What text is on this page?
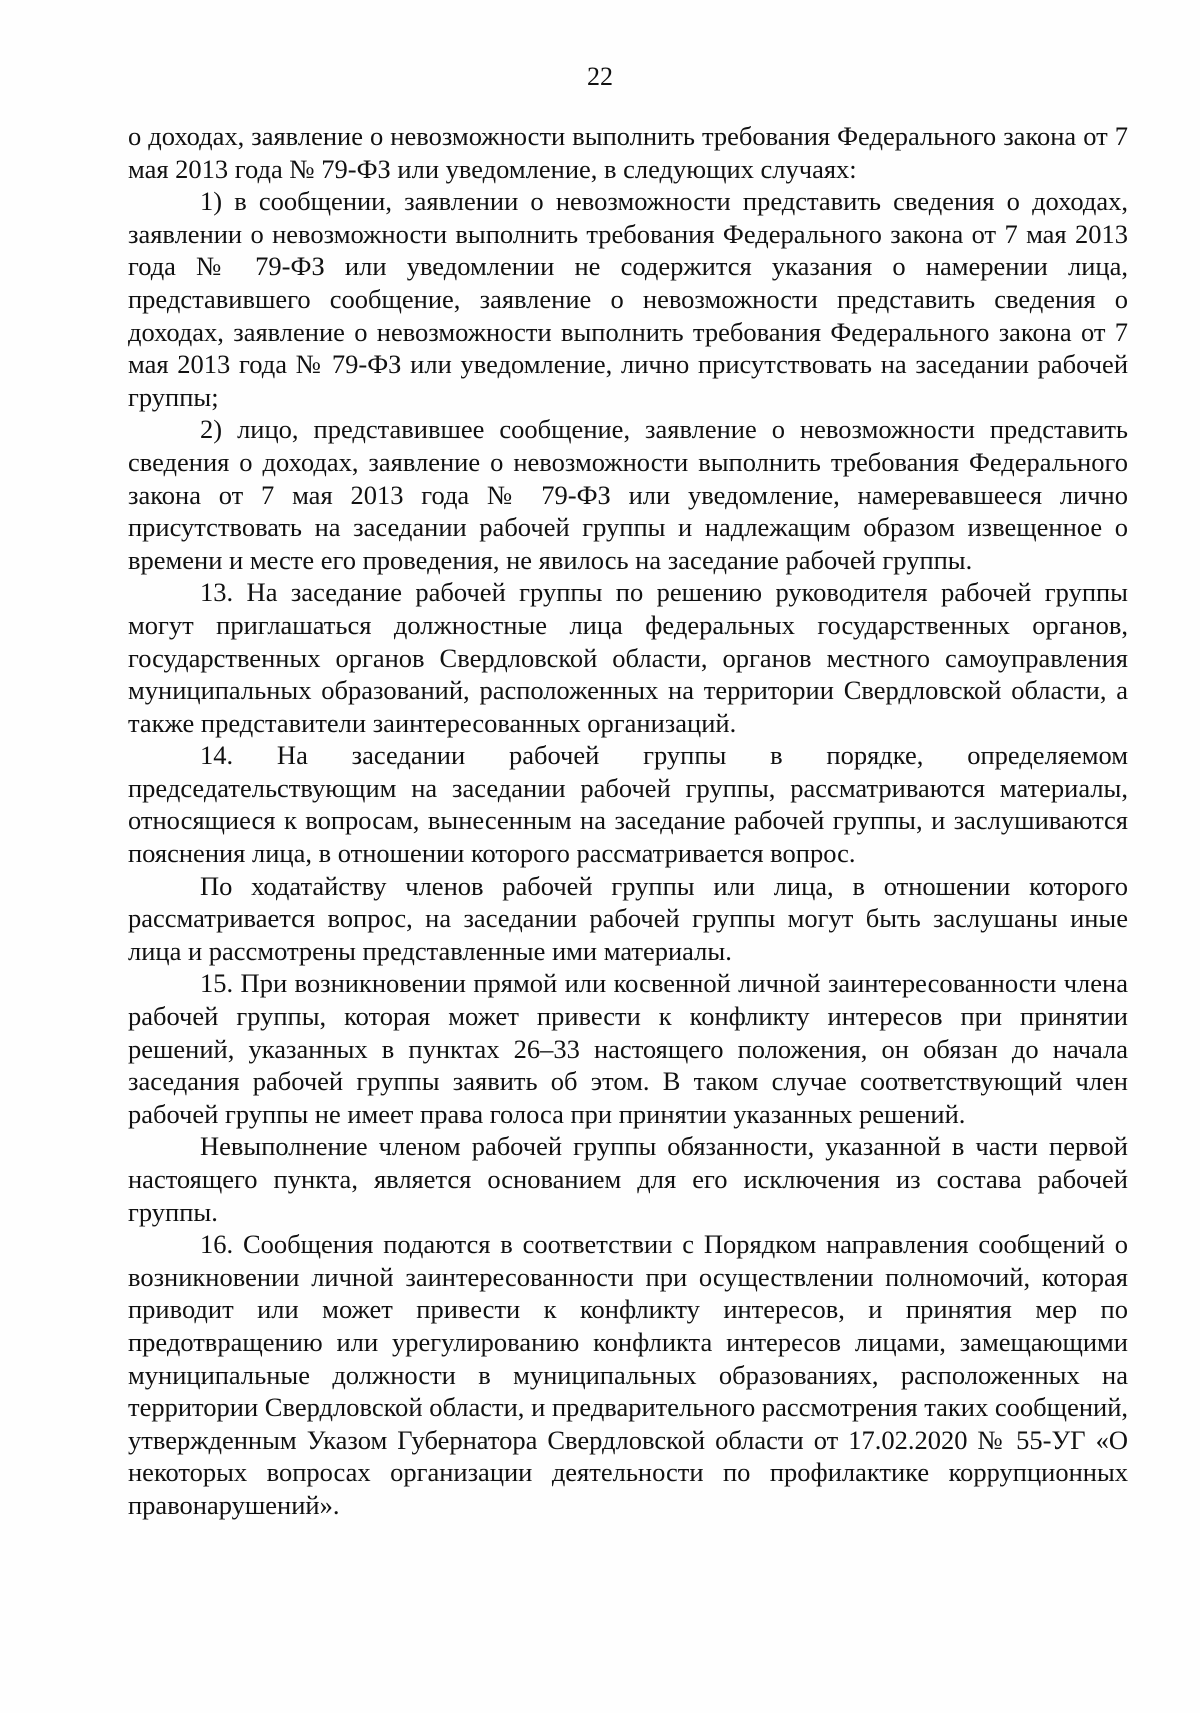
22

о доходах, заявление о невозможности выполнить требования Федерального закона от 7 мая 2013 года № 79-ФЗ или уведомление, в следующих случаях:

1) в сообщении, заявлении о невозможности представить сведения о доходах, заявлении о невозможности выполнить требования Федерального закона от 7 мая 2013 года № 79-ФЗ или уведомлении не содержится указания о намерении лица, представившего сообщение, заявление о невозможности представить сведения о доходах, заявление о невозможности выполнить требования Федерального закона от 7 мая 2013 года № 79-ФЗ или уведомление, лично присутствовать на заседании рабочей группы;

2) лицо, представившее сообщение, заявление о невозможности представить сведения о доходах, заявление о невозможности выполнить требования Федерального закона от 7 мая 2013 года № 79-ФЗ или уведомление, намеревавшееся лично присутствовать на заседании рабочей группы и надлежащим образом извещенное о времени и месте его проведения, не явилось на заседание рабочей группы.

13. На заседание рабочей группы по решению руководителя рабочей группы могут приглашаться должностные лица федеральных государственных органов, государственных органов Свердловской области, органов местного самоуправления муниципальных образований, расположенных на территории Свердловской области, а также представители заинтересованных организаций.

14. На заседании рабочей группы в порядке, определяемом председательствующим на заседании рабочей группы, рассматриваются материалы, относящиеся к вопросам, вынесенным на заседание рабочей группы, и заслушиваются пояснения лица, в отношении которого рассматривается вопрос.

По ходатайству членов рабочей группы или лица, в отношении которого рассматривается вопрос, на заседании рабочей группы могут быть заслушаны иные лица и рассмотрены представленные ими материалы.

15. При возникновении прямой или косвенной личной заинтересованности члена рабочей группы, которая может привести к конфликту интересов при принятии решений, указанных в пунктах 26–33 настоящего положения, он обязан до начала заседания рабочей группы заявить об этом. В таком случае соответствующий член рабочей группы не имеет права голоса при принятии указанных решений.

Невыполнение членом рабочей группы обязанности, указанной в части первой настоящего пункта, является основанием для его исключения из состава рабочей группы.

16. Сообщения подаются в соответствии с Порядком направления сообщений о возникновении личной заинтересованности при осуществлении полномочий, которая приводит или может привести к конфликту интересов, и принятия мер по предотвращению или урегулированию конфликта интересов лицами, замещающими муниципальные должности в муниципальных образованиях, расположенных на территории Свердловской области, и предварительного рассмотрения таких сообщений, утвержденным Указом Губернатора Свердловской области от 17.02.2020 № 55-УГ «О некоторых вопросах организации деятельности по профилактике коррупционных правонарушений».
